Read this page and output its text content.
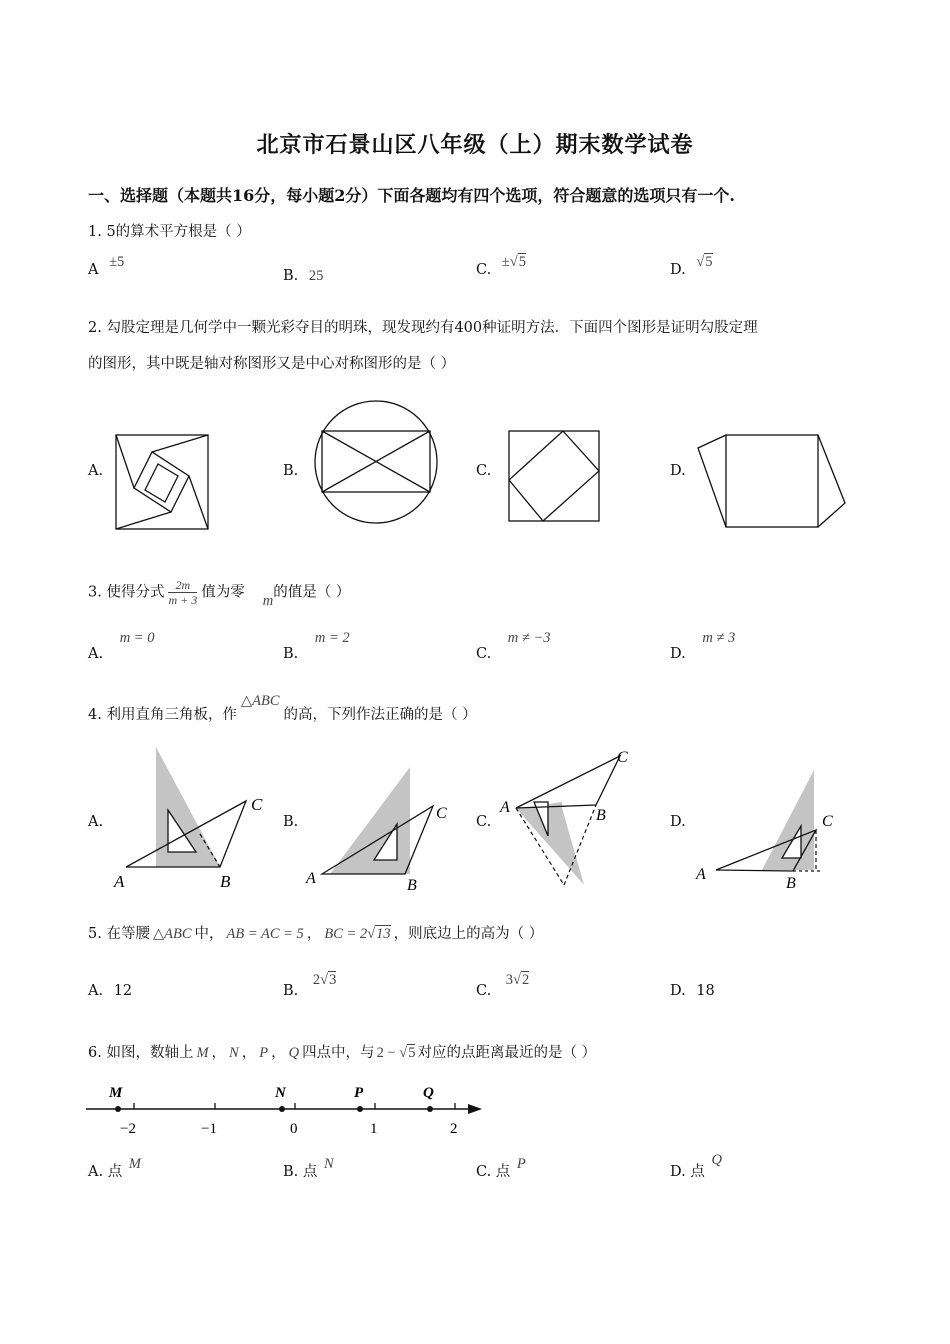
北京市石景山区八年级（上）期末数学试卷
一、选择题（本题共16分，每小题2分）下面各题均有四个选项，符合题意的选项只有一个.
1. 5的算术平方根是（ ）
A ±5
B. 25	C. ±√5	D. √5
2. 勾股定理是几何学中一颗光彩夺目的明珠，现发现约有400种证明方法．下面四个图形是证明勾股定理
的图形，其中既是轴对称图形又是中心对称图形的是（ ）
A.	B.	C.	D.
3. 使得分式 $\frac{2m}{m + 3}$ 值为零 m的值是（ ）
A. m = 0
B. m = 2
C. m ≠ −3
D. m ≠ 3
4. 利用直角三角板，作△ABC的高，下列作法正确的是（ ）
A.
A	B
C
B.
A	B
C C.
A	B
C
D.
A
B
C
5. 在等腰 △ABC 中， AB = AC = 5 ， BC = 2√13 ，则底边上的高为（ ）
A. 12	B. 2√3
C. 3√2
D. 18
6. 如图，数轴上 M ， N ， P ， Q 四点中，与 2 − √5 对应的点距离最近的是（ ）
M	N	P	Q
−2	−1	0	1	2
A. 点 M	B. 点 N	C. 点 P	D. 点 Q
